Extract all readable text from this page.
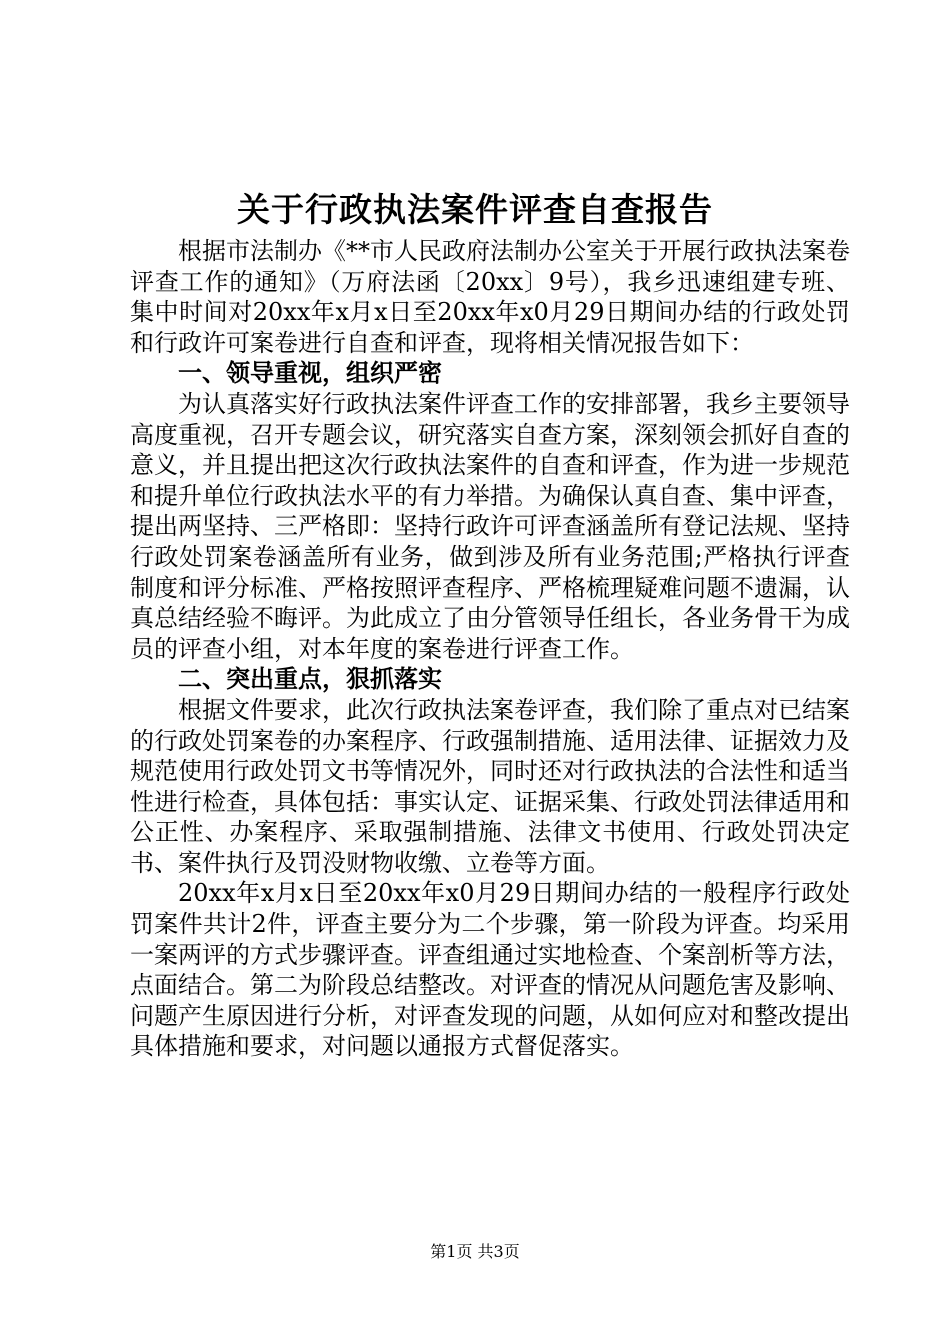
关于行政执法案件评查自查报告

根据市法制办《**市人民政府法制办公室关于开展行政执法案卷评查工作的通知》（万府法函〔20xx〕9号），我乡迅速组建专班、集中时间对20xx年x月x日至20xx年x0月29日期间办结的行政处罚和行政许可案卷进行自查和评查，现将相关情况报告如下：

一、领导重视，组织严密

为认真落实好行政执法案件评查工作的安排部署，我乡主要领导高度重视，召开专题会议，研究落实自查方案，深刻领会抓好自查的意义，并且提出把这次行政执法案件的自查和评查，作为进一步规范和提升单位行政执法水平的有力举措。为确保认真自查、集中评查，提出两坚持、三严格即：坚持行政许可评查涵盖所有登记法规、坚持行政处罚案卷涵盖所有业务，做到涉及所有业务范围;严格执行评查制度和评分标准、严格按照评查程序、严格梳理疑难问题不遗漏，认真总结经验不晦评。为此成立了由分管领导任组长，各业务骨干为成员的评查小组，对本年度的案卷进行评查工作。

二、突出重点，狠抓落实

根据文件要求，此次行政执法案卷评查，我们除了重点对已结案的行政处罚案卷的办案程序、行政强制措施、适用法律、证据效力及规范使用行政处罚文书等情况外，同时还对行政执法的合法性和适当性进行检查，具体包括：事实认定、证据采集、行政处罚法律适用和公正性、办案程序、采取强制措施、法律文书使用、行政处罚决定书、案件执行及罚没财物收缴、立卷等方面。

20xx年x月x日至20xx年x0月29日期间办结的一般程序行政处罚案件共计2件，评查主要分为二个步骤，第一阶段为评查。均采用一案两评的方式步骤评查。评查组通过实地检查、个案剖析等方法，点面结合。第二为阶段总结整改。对评查的情况从问题危害及影响、问题产生原因进行分析，对评查发现的问题，从如何应对和整改提出具体措施和要求，对问题以通报方式督促落实。

第1页 共3页
